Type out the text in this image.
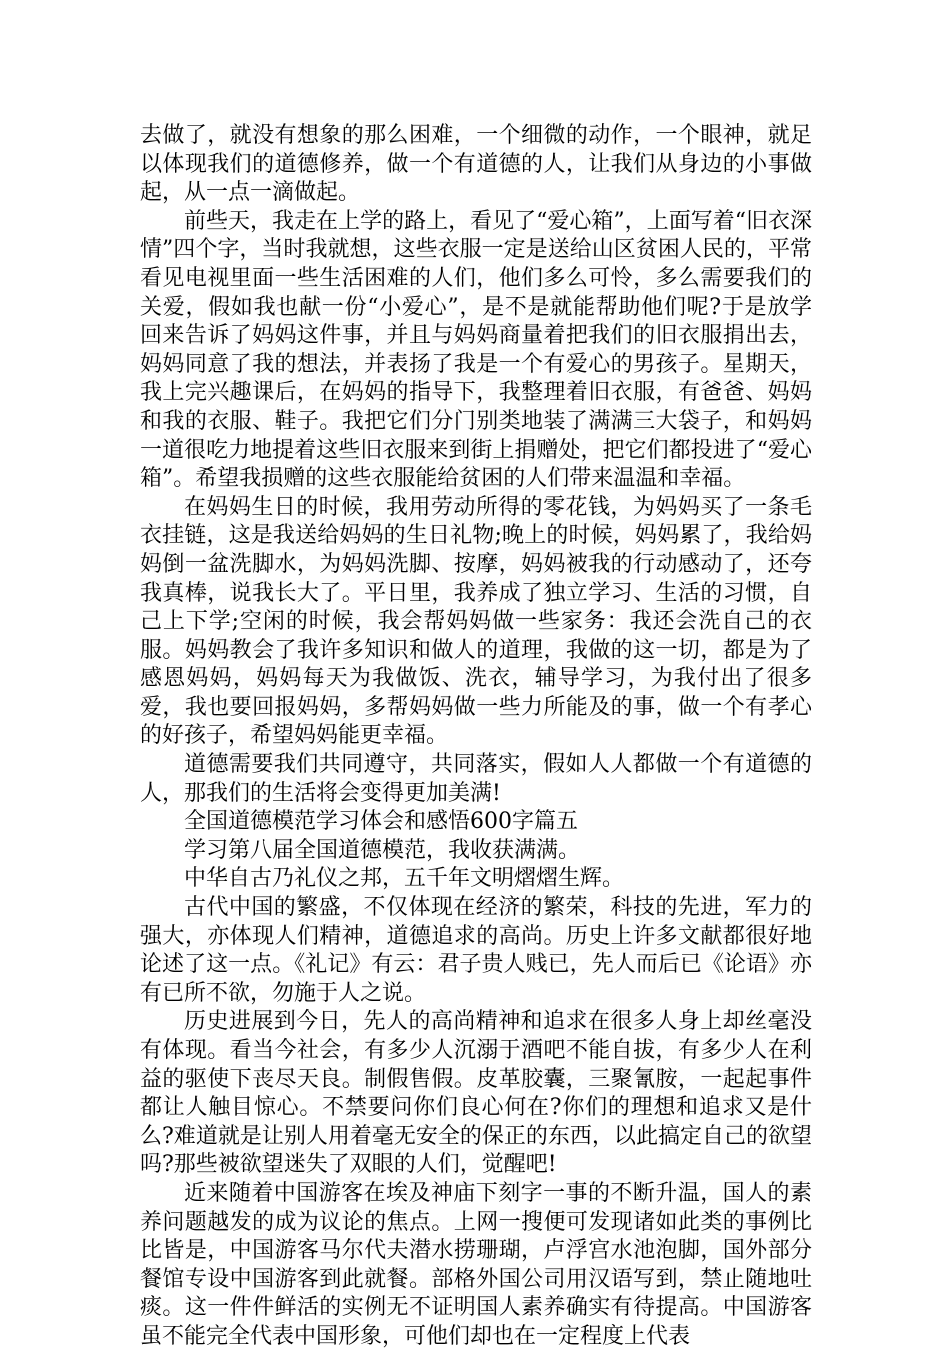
去做了，就没有想象的那么困难，一个细微的动作，一个眼神，就足以体现我们的道德修养，做一个有道德的人，让我们从身边的小事做起，从一点一滴做起。

前些天，我走在上学的路上，看见了“爱心箱”，上面写着“旧衣深情”四个字，当时我就想，这些衣服一定是送给山区贫困人民的，平常看见电视里面一些生活困难的人们，他们多么可怜，多么需要我们的关爱，假如我也献一份“小爱心”，是不是就能帮助他们呢?于是放学回来告诉了妈妈这件事，并且与妈妈商量着把我们的旧衣服捐出去，妈妈同意了我的想法，并表扬了我是一个有爱心的男孩子。星期天，我上完兴趣课后，在妈妈的指导下，我整理着旧衣服，有爸爸、妈妈和我的衣服、鞋子。我把它们分门别类地装了满满三大袋子，和妈妈一道很吃力地提着这些旧衣服来到街上捐赠处，把它们都投进了“爱心箱”。希望我损赠的这些衣服能给贫困的人们带来温温和幸福。

在妈妈生日的时候，我用劳动所得的零花钱，为妈妈买了一条毛衣挂链，这是我送给妈妈的生日礼物;晚上的时候，妈妈累了，我给妈妈倒一盆洗脚水，为妈妈洗脚、按摩，妈妈被我的行动感动了，还夸我真棒，说我长大了。平日里，我养成了独立学习、生活的习惯，自己上下学;空闲的时候，我会帮妈妈做一些家务：我还会洗自己的衣服。妈妈教会了我许多知识和做人的道理，我做的这一切，都是为了感恩妈妈，妈妈每天为我做饭、洗衣，辅导学习，为我付出了很多爱，我也要回报妈妈，多帮妈妈做一些力所能及的事，做一个有孝心的好孩子，希望妈妈能更幸福。

道德需要我们共同遵守，共同落实，假如人人都做一个有道德的人，那我们的生活将会变得更加美满!

全国道德模范学习体会和感悟600字篇五

学习第八届全国道德模范，我收获满满。

中华自古乃礼仪之邦，五千年文明熠熠生辉。

古代中国的繁盛，不仅体现在经济的繁荣，科技的先进，军力的强大，亦体现人们精神，道德追求的高尚。历史上许多文献都很好地论述了这一点。《礼记》有云：君子贵人贱已，先人而后已《论语》亦有已所不欲，勿施于人之说。

历史进展到今日，先人的高尚精神和追求在很多人身上却丝毫没有体现。看当今社会，有多少人沉溺于酒吧不能自拔，有多少人在利益的驱使下丧尽天良。制假售假。皮革胶囊，三聚氰胺，一起起事件都让人触目惊心。不禁要问你们良心何在?你们的理想和追求又是什么?难道就是让别人用着毫无安全的保正的东西，以此搞定自己的欲望吗?那些被欲望迷失了双眼的人们，觉醒吧!

近来随着中国游客在埃及神庙下刻字一事的不断升温，国人的素养问题越发的成为议论的焦点。上网一搜便可发现诸如此类的事例比比皆是，中国游客马尔代夫潜水捞珊瑚，卢浮宫水池泡脚，国外部分餐馆专设中国游客到此就餐。部格外国公司用汉语写到，禁止随地吐痰。这一件件鲜活的实例无不证明国人素养确实有待提高。中国游客虽不能完全代表中国形象，可他们却也在一定程度上代表
